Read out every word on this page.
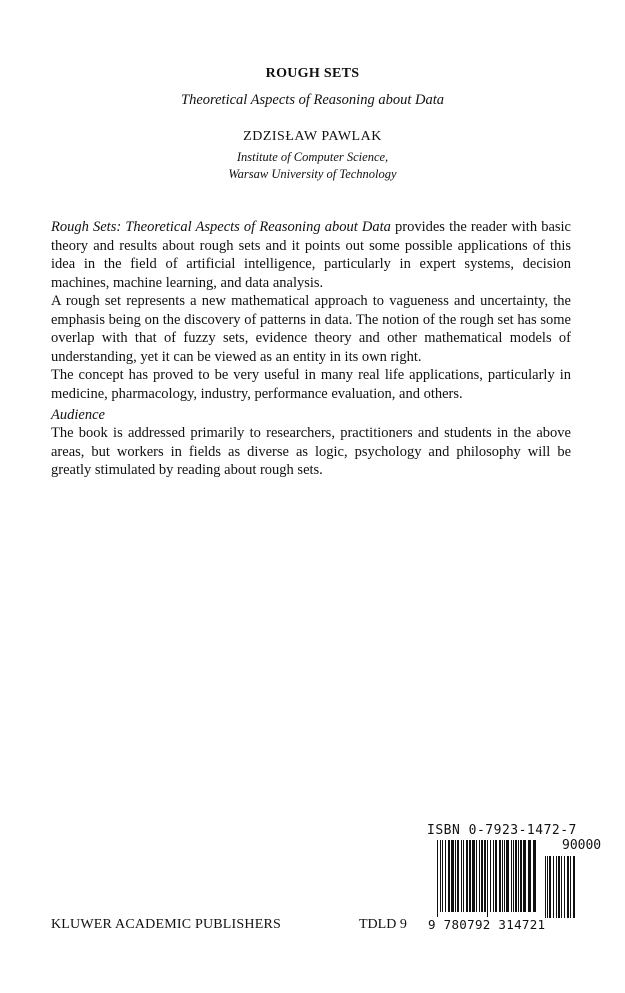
ROUGH SETS
Theoretical Aspects of Reasoning about Data
ZDZISŁAW PAWLAK
Institute of Computer Science,
Warsaw University of Technology

Rough Sets: Theoretical Aspects of Reasoning about Data provides the reader with basic theory and results about rough sets and it points out some possible applications of this idea in the field of artificial intelligence, particularly in expert systems, decision machines, machine learning, and data analysis.

A rough set represents a new mathematical approach to vagueness and uncertainty, the emphasis being on the discovery of patterns in data. The notion of the rough set has some overlap with that of fuzzy sets, evidence theory and other mathematical models of understanding, yet it can be viewed as an entity in its own right.

The concept has proved to be very useful in many real life applications, particularly in medicine, pharmacology, industry, performance evaluation, and others.

Audience

The book is addressed primarily to researchers, practitioners and students in the above areas, but workers in fields as diverse as logic, psychology and philosophy will be greatly stimulated by reading about rough sets.

ISBN 0-7923-1472-7
90000
9 780792 314721
KLUWER ACADEMIC PUBLISHERS	TDLD 9
